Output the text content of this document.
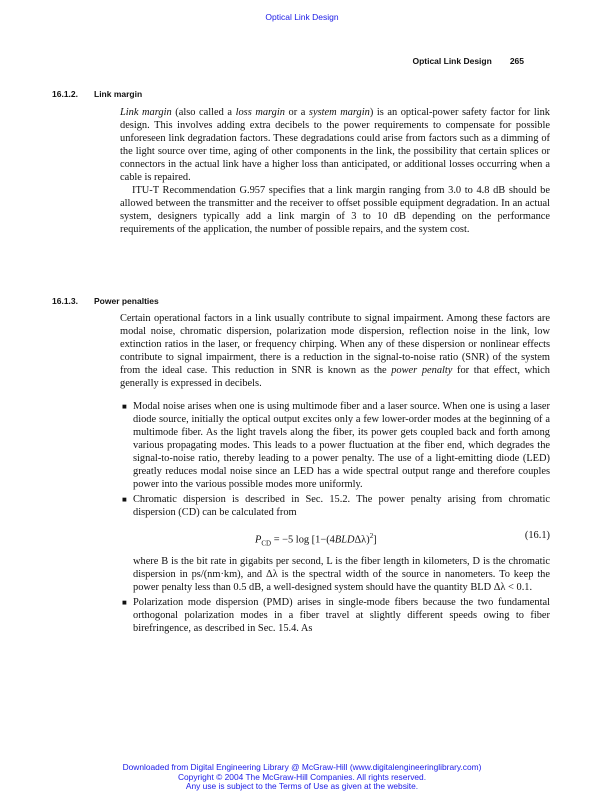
Optical Link Design
Optical Link Design 265
16.1.2. Link margin

Link margin (also called a loss margin or a system margin) is an optical-power safety factor for link design. This involves adding extra decibels to the power requirements to compensate for possible unforeseen link degradation factors. These degradations could arise from factors such as a dimming of the light source over time, aging of other components in the link, the possibility that certain splices or connectors in the actual link have a higher loss than anticipated, or additional losses occurring when a cable is repaired.

ITU-T Recommendation G.957 specifies that a link margin ranging from 3.0 to 4.8 dB should be allowed between the transmitter and the receiver to offset possible equipment degradation. In an actual system, designers typically add a link margin of 3 to 10 dB depending on the performance requirements of the application, the number of possible repairs, and the system cost.

16.1.3. Power penalties

Certain operational factors in a link usually contribute to signal impairment. Among these factors are modal noise, chromatic dispersion, polarization mode dispersion, reflection noise in the link, low extinction ratios in the laser, or frequency chirping. When any of these dispersion or nonlinear effects contribute to signal impairment, there is a reduction in the signal-to-noise ratio (SNR) of the system from the ideal case. This reduction in SNR is known as the power penalty for that effect, which generally is expressed in decibels.

■ Modal noise arises when one is using multimode fiber and a laser source. When one is using a laser diode source, initially the optical output excites only a few lower-order modes at the beginning of a multimode fiber. As the light travels along the fiber, its power gets coupled back and forth among various propagating modes. This leads to a power fluctuation at the fiber end, which degrades the signal-to-noise ratio, thereby leading to a power penalty. The use of a light-emitting diode (LED) greatly reduces modal noise since an LED has a wide spectral output range and therefore couples power into the various possible modes more uniformly.
■ Chromatic dispersion is described in Sec. 15.2. The power penalty arising from chromatic dispersion (CD) can be calculated from
$P_{CD} = -5$ $\log [1-(4BLD\Delta\lambda)^2]$	(16.1)
where B is the bit rate in gigabits per second, L is the fiber length in kilometers, D is the chromatic dispersion in ps/(nm·km), and Δλ is the spectral width of the source in nanometers. To keep the power penalty less than 0.5 dB, a well-designed system should have the quantity BLD Δλ < 0.1.
■ Polarization mode dispersion (PMD) arises in single-mode fibers because the two fundamental orthogonal polarization modes in a fiber travel at slightly different speeds owing to fiber birefringence, as described in Sec. 15.4. As
Downloaded from Digital Engineering Library @ McGraw-Hill (www.digitalengineeringlibrary.com)
Copyright © 2004 The McGraw-Hill Companies. All rights reserved.
Any use is subject to the Terms of Use as given at the website.
